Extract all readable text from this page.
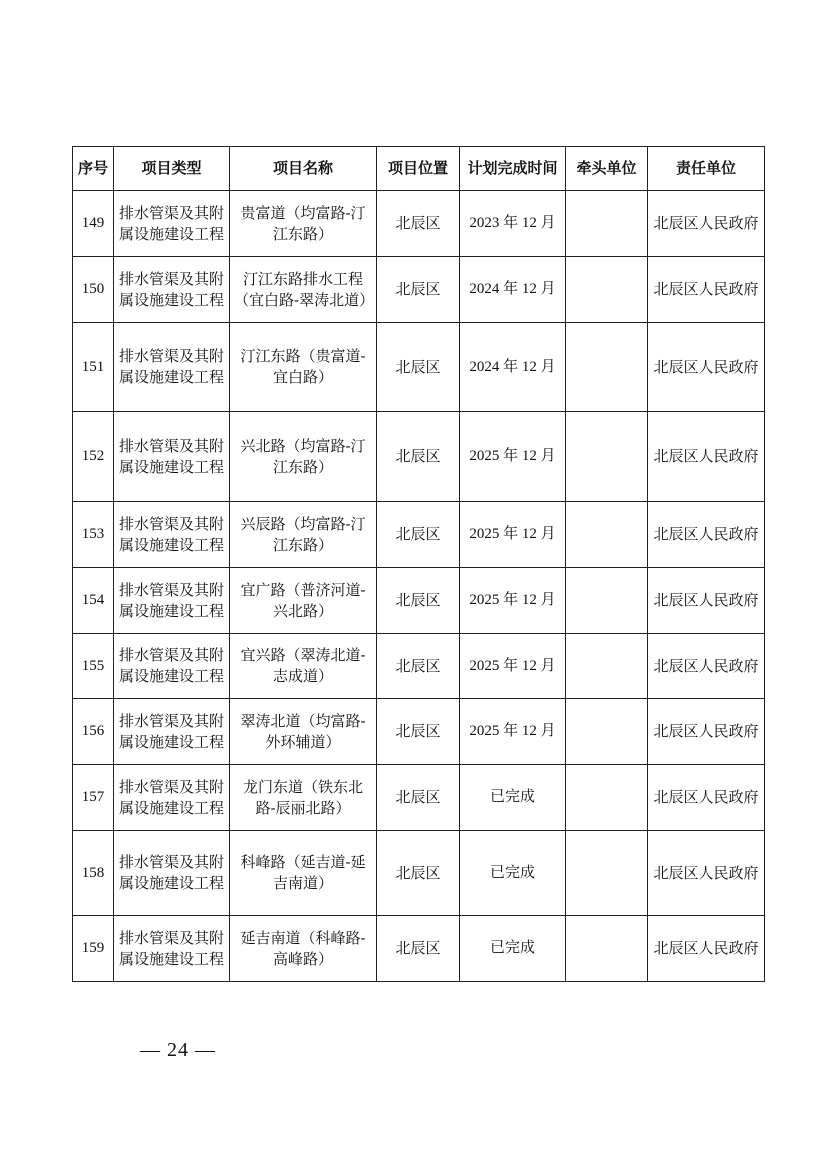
序号	项目类型	项目名称	项目位置	计划完成时间	牵头单位	责任单位
149	排水管渠及其附属设施建设工程	贵富道（均富路-汀江东路）	北辰区	2023 年 12 月		北辰区人民政府
150	排水管渠及其附属设施建设工程	汀江东路排水工程（宜白路-翠涛北道）	北辰区	2024 年 12 月		北辰区人民政府
151	排水管渠及其附属设施建设工程	汀江东路（贵富道-宜白路）	北辰区	2024 年 12 月		北辰区人民政府
152	排水管渠及其附属设施建设工程	兴北路（均富路-汀江东路）	北辰区	2025 年 12 月		北辰区人民政府
153	排水管渠及其附属设施建设工程	兴辰路（均富路-汀江东路）	北辰区	2025 年 12 月		北辰区人民政府
154	排水管渠及其附属设施建设工程	宜广路（普济河道-兴北路）	北辰区	2025 年 12 月		北辰区人民政府
155	排水管渠及其附属设施建设工程	宜兴路（翠涛北道-志成道）	北辰区	2025 年 12 月		北辰区人民政府
156	排水管渠及其附属设施建设工程	翠涛北道（均富路-外环辅道）	北辰区	2025 年 12 月		北辰区人民政府
157	排水管渠及其附属设施建设工程	龙门东道（铁东北路-辰丽北路）	北辰区	已完成		北辰区人民政府
158	排水管渠及其附属设施建设工程	科峰路（延吉道-延吉南道）	北辰区	已完成		北辰区人民政府
159	排水管渠及其附属设施建设工程	延吉南道（科峰路-高峰路）	北辰区	已完成		北辰区人民政府
— 24 —
